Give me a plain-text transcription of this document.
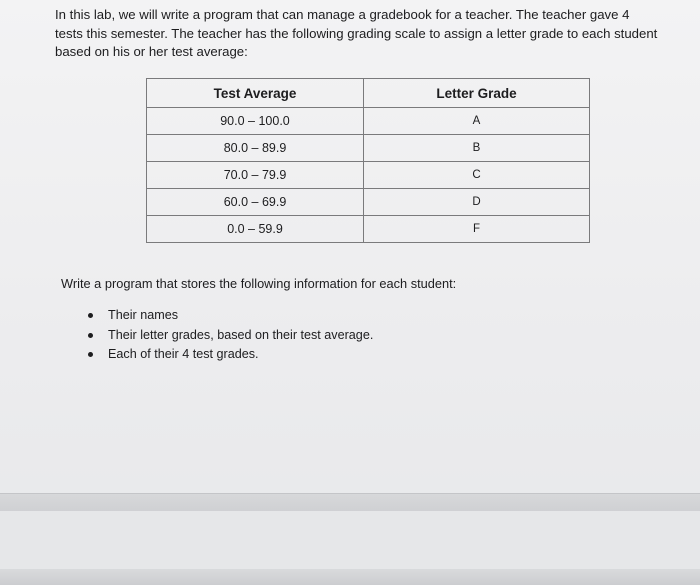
In this lab, we will write a program that can manage a gradebook for a teacher. The teacher gave 4
tests this semester. The teacher has the following grading scale to assign a letter grade to each student
based on his or her test average:

Test Average	Letter Grade
90.0 – 100.0	A
80.0 – 89.9	B
70.0 – 79.9	C
60.0 – 69.9	D
0.0 – 59.9	F

Write a program that stores the following information for each student:

Their names
Their letter grades, based on their test average.
Each of their 4 test grades.
